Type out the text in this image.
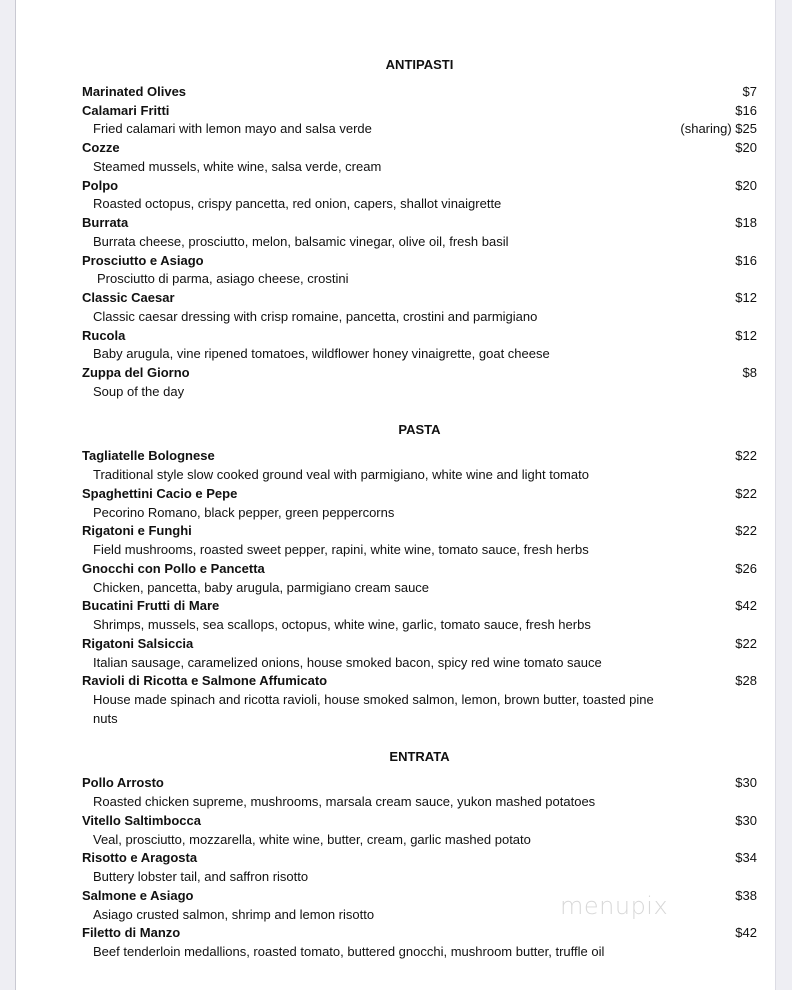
ANTIPASTI
Marinated Olives	$7
Calamari Fritti	$16
Fried calamari with lemon mayo and salsa verde	(sharing) $25
Cozze	$20
Steamed mussels, white wine, salsa verde, cream
Polpo	$20
Roasted octopus, crispy pancetta, red onion, capers, shallot vinaigrette
Burrata	$18
Burrata cheese, prosciutto, melon, balsamic vinegar, olive oil, fresh basil
Prosciutto e Asiago	$16
Prosciutto di parma, asiago cheese, crostini
Classic Caesar	$12
Classic caesar dressing with crisp romaine, pancetta, crostini and parmigiano
Rucola	$12
Baby arugula, vine ripened tomatoes, wildflower honey vinaigrette, goat cheese
Zuppa del Giorno	$8
Soup of the day
PASTA
Tagliatelle Bolognese	$22
Traditional style slow cooked ground veal with parmigiano, white wine and light tomato
Spaghettini Cacio e Pepe	$22
Pecorino Romano, black pepper, green peppercorns
Rigatoni e Funghi	$22
Field mushrooms, roasted sweet pepper, rapini, white wine, tomato sauce, fresh herbs
Gnocchi con Pollo e Pancetta	$26
Chicken, pancetta, baby arugula, parmigiano cream sauce
Bucatini Frutti di Mare	$42
Shrimps, mussels, sea scallops, octopus, white wine, garlic, tomato sauce, fresh herbs
Rigatoni Salsiccia	$22
Italian sausage, caramelized onions, house smoked bacon, spicy red wine tomato sauce
Ravioli di Ricotta e Salmone Affumicato	$28
House made spinach and ricotta ravioli, house smoked salmon, lemon, brown butter, toasted pine nuts
ENTRATA
Pollo Arrosto	$30
Roasted chicken supreme, mushrooms, marsala cream sauce, yukon mashed potatoes
Vitello Saltimbocca	$30
Veal, prosciutto, mozzarella, white wine, butter, cream, garlic mashed potato
Risotto e Aragosta	$34
Buttery lobster tail, and saffron risotto
Salmone e Asiago	$38
Asiago crusted salmon, shrimp and lemon risotto
Filetto di Manzo	$42
Beef tenderloin medallions, roasted tomato, buttered gnocchi, mushroom butter, truffle oil
menupix
